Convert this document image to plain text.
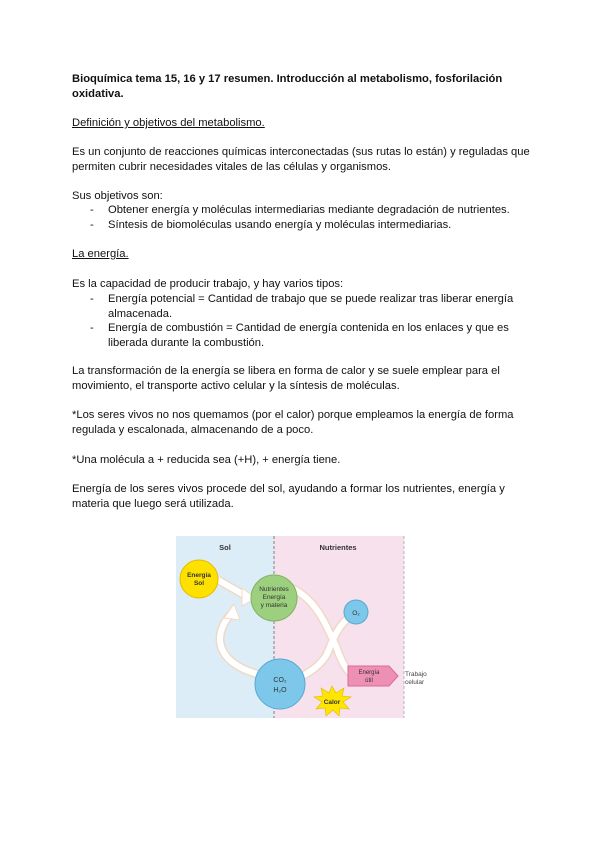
Bioquímica tema 15, 16 y 17 resumen. Introducción al metabolismo, fosforilación oxidativa.
Definición y objetivos del metabolismo.
Es un conjunto de reacciones químicas interconectadas (sus rutas lo están) y reguladas que permiten cubrir necesidades vitales de las células y organismos.
Sus objetivos son:
- Obtener energía y moléculas intermediarias mediante degradación de nutrientes.
- Síntesis de biomoléculas usando energía y moléculas intermediarias.
La energía.
Es la capacidad de producir trabajo, y hay varios tipos:
- Energía potencial = Cantidad de trabajo que se puede realizar tras liberar energía almacenada.
- Energía de combustión = Cantidad de energía contenida en los enlaces y que es liberada durante la combustión.
La transformación de la energía se libera en forma de calor y se suele emplear para el movimiento, el transporte activo celular y la síntesis de moléculas.
*Los seres vivos no nos quemamos (por el calor) porque empleamos la energía de forma regulada y escalonada, almacenando de a poco.
*Una molécula a + reducida sea (+H), + energía tiene.
Energía de los seres vivos procede del sol, ayudando a formar los nutrientes, energía y materia que luego será utilizada.
Sol	Nutrientes
Energía
Sol
Nutrientes
Energía
y materia
O₂
CO₂
H₂O
Calor
Energía
útil
Trabajo
celular
